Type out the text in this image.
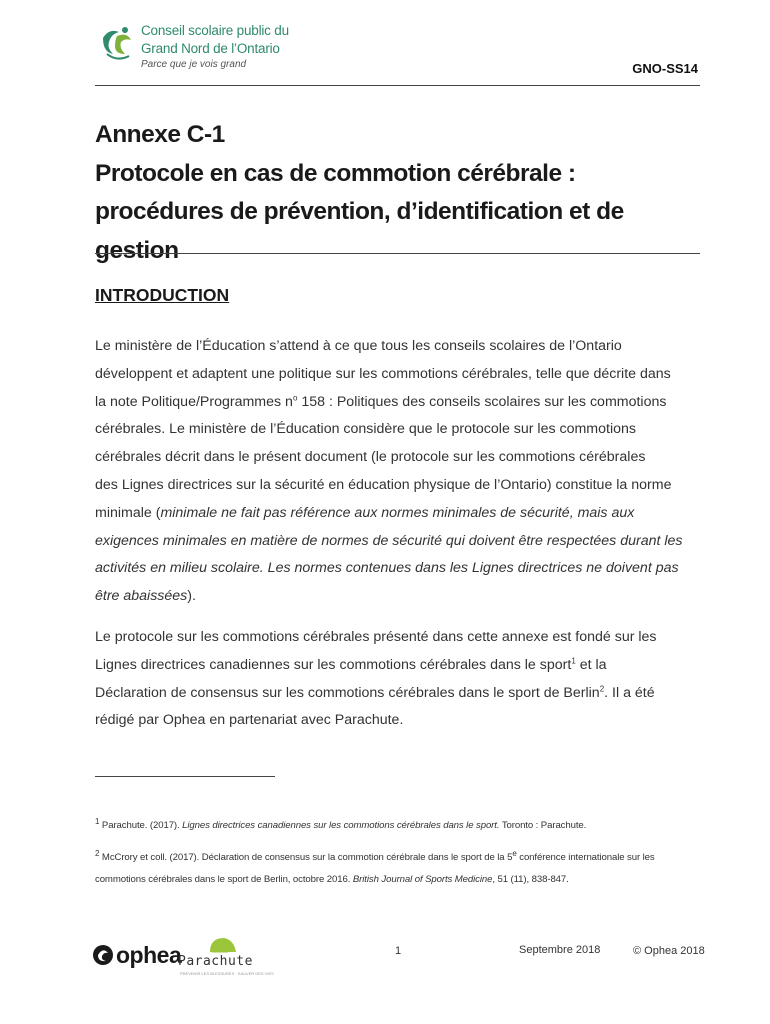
Conseil scolaire public du
Grand Nord de l’Ontario
Parce que je vois grand	GNO-SS14
Annexe C-1
Protocole en cas de commotion cérébrale :
procédures de prévention, d’identification et de
gestion
INTRODUCTION
Le ministère de l’Éducation s’attend à ce que tous les conseils scolaires de l’Ontario
développent et adaptent une politique sur les commotions cérébrales, telle que décrite dans
la note Politique/Programmes $n^o$ 158 : Politiques des conseils scolaires sur les commotions
cérébrales. Le ministère de l’Éducation considère que le protocole sur les commotions
cérébrales décrit dans le présent document (le protocole sur les commotions cérébrales
des Lignes directrices sur la sécurité en éducation physique de l’Ontario) constitue la norme
minimale (minimale ne fait pas référence aux normes minimales de sécurité, mais aux
exigences minimales en matière de normes de sécurité qui doivent être respectées durant les
activités en milieu scolaire. Les normes contenues dans les Lignes directrices ne doivent pas
être abaissées).
Le protocole sur les commotions cérébrales présenté dans cette annexe est fondé sur les
Lignes directrices canadiennes sur les commotions cérébrales dans le sport$^1$ et la
Déclaration de consensus sur les commotions cérébrales dans le sport de Berlin$^2$. Il a été
rédigé par Ophea en partenariat avec Parachute.
$^1$ Parachute. (2017). Lignes directrices canadiennes sur les commotions cérébrales dans le sport. Toronto : Parachute.
$^2$ McCrory et coll. (2017). Déclaration de consensus sur la commotion cérébrale dans le sport de la 5e conférence internationale sur les
commotions cérébrales dans le sport de Berlin, octobre 2016. British Journal of Sports Medicine, 51 (11), 838-847.
ophea
Parachute
PRÉVENIR LES BLESSURES · SAUVER DES VIES
1	Septembre 2018	© Ophea 2018
